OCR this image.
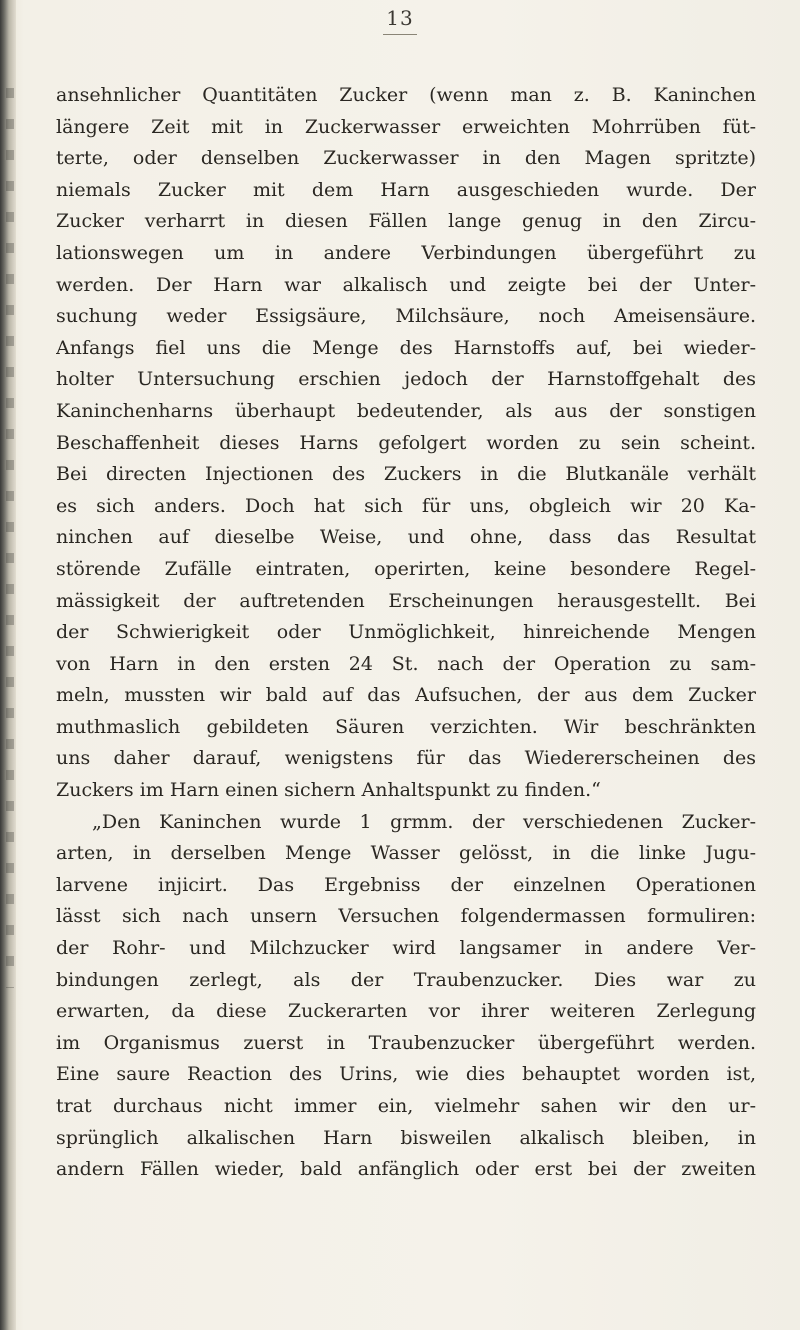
13
ansehnlicher Quantitäten Zucker (wenn man z. B. Kaninchen
längere Zeit mit in Zuckerwasser erweichten Mohrrüben füt-
terte, oder denselben Zuckerwasser in den Magen spritzte)
niemals Zucker mit dem Harn ausgeschieden wurde. Der
Zucker verharrt in diesen Fällen lange genug in den Zircu-
lationswegen um in andere Verbindungen übergeführt zu
werden. Der Harn war alkalisch und zeigte bei der Unter-
suchung weder Essigsäure, Milchsäure, noch Ameisensäure.
Anfangs fiel uns die Menge des Harnstoffs auf, bei wieder-
holter Untersuchung erschien jedoch der Harnstoffgehalt des
Kaninchenharns überhaupt bedeutender, als aus der sonstigen
Beschaffenheit dieses Harns gefolgert worden zu sein scheint.
Bei directen Injectionen des Zuckers in die Blutkanäle verhält
es sich anders. Doch hat sich für uns, obgleich wir 20 Ka-
ninchen auf dieselbe Weise, und ohne, dass das Resultat
störende Zufälle eintraten, operirten, keine besondere Regel-
mässigkeit der auftretenden Erscheinungen herausgestellt. Bei
der Schwierigkeit oder Unmöglichkeit, hinreichende Mengen
von Harn in den ersten 24 St. nach der Operation zu sam-
meln, mussten wir bald auf das Aufsuchen, der aus dem Zucker
muthmaslich gebildeten Säuren verzichten. Wir beschränkten
uns daher darauf, wenigstens für das Wiedererscheinen des
Zuckers im Harn einen sichern Anhaltspunkt zu finden.“
„Den Kaninchen wurde 1 grmm. der verschiedenen Zucker-
arten, in derselben Menge Wasser gelösst, in die linke Jugu-
larvene injicirt. Das Ergebniss der einzelnen Operationen
lässt sich nach unsern Versuchen folgendermassen formuliren:
der Rohr- und Milchzucker wird langsamer in andere Ver-
bindungen zerlegt, als der Traubenzucker. Dies war zu
erwarten, da diese Zuckerarten vor ihrer weiteren Zerlegung
im Organismus zuerst in Traubenzucker übergeführt werden.
Eine saure Reaction des Urins, wie dies behauptet worden ist,
trat durchaus nicht immer ein, vielmehr sahen wir den ur-
sprünglich alkalischen Harn bisweilen alkalisch bleiben, in
andern Fällen wieder, bald anfänglich oder erst bei der zweiten
